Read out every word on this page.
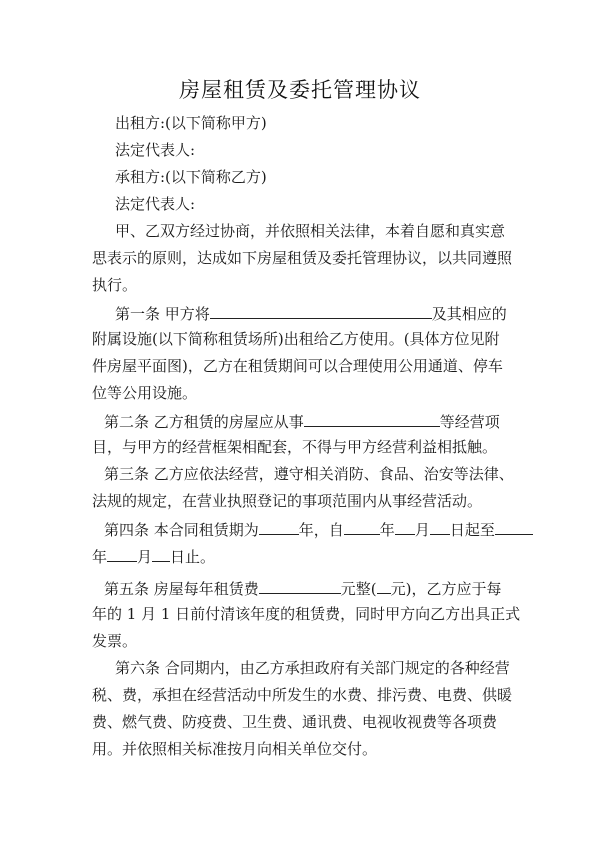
房屋租赁及委托管理协议
出租方:(以下简称甲方)
法定代表人:
承租方:(以下简称乙方)
法定代表人:
甲、乙双方经过协商，并依照相关法律，本着自愿和真实意
思表示的原则，达成如下房屋租赁及委托管理协议，以共同遵照
执行。
第一条 甲方将	及其相应的
附属设施(以下简称租赁场所)出租给乙方使用。(具体方位见附
件房屋平面图)，乙方在租赁期间可以合理使用公用通道、停车
位等公用设施。
第二条 乙方租赁的房屋应从事	等经营项
目，与甲方的经营框架相配套，不得与甲方经营利益相抵触。
第三条 乙方应依法经营，遵守相关消防、食品、治安等法律、
法规的规定，在营业执照登记的事项范围内从事经营活动。
第四条 本合同租赁期为	年，自 年 月 日起至
年 月 日止。
第五条 房屋每年租赁费	元整( 元)，乙方应于每
年的 1 月 1 日前付清该年度的租赁费，同时甲方向乙方出具正式
发票。
第六条 合同期内，由乙方承担政府有关部门规定的各种经营
税、费，承担在经营活动中所发生的水费、排污费、电费、供暖
费、燃气费、防疫费、卫生费、通讯费、电视收视费等各项费
用。并依照相关标准按月向相关单位交付。
